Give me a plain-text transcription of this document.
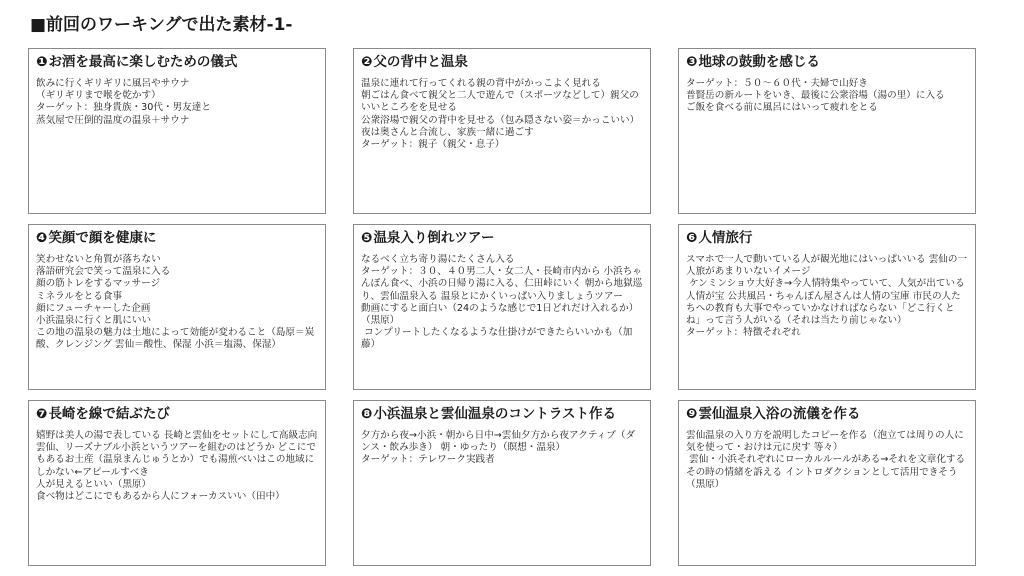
■前回のワーキングで出た素材-1-
❶お酒を最高に楽しむための儀式
飲みに行くギリギリに風呂やサウナ
（ギリギリまで喉を乾かす）
ターゲット：独身貴族・30代・男友達と
蒸気屋で圧倒的温度の温泉＋サウナ
❷父の背中と温泉
温泉に連れて行ってくれる親の背中がかっこよく見れる
朝ごはん食べて親父と二人で遊んで（スポーツなどして）親父のいいところをを見せる
公衆浴場で親父の背中を見せる（包み隠さない姿＝かっこいい）
夜は奥さんと合流し、家族一緒に過ごす
ターゲット：親子（親父・息子）
❸地球の鼓動を感じる
ターゲット：５０～６０代・夫婦で山好き
普賢岳の新ルートをいき、最後に公衆浴場（湯の里）に入る
ご飯を食べる前に風呂にはいって疲れをとる
❹笑顔で顔を健康に
笑わせないと角質が落ちない
落語研究会で笑って温泉に入る
顔の筋トレをするマッサージ
ミネラルをとる食事
顔にフューチャーした企画
小浜温泉に行くと肌にいい
この地の温泉の魅力は土地によって効能が変わること（島原＝炭酸、クレンジング 雲仙＝酸性、保湿 小浜＝塩湯、保湿）
❺温泉入り倒れツアー
なるべく立ち寄り湯にたくさん入る
ターゲット：３０、４０男二人・女二人・長崎市内から 小浜ちゃんぽん食べ、小浜の日帰り湯に入る、仁田峠にいく 朝から地獄巡り、雲仙温泉入る 温泉とにかくいっぱい入りましょうツアー
動画にすると面白い（24のような感じで1日どれだけ入れるか）（黒原）
コンプリートしたくなるような仕掛けができたらいいかも（加藤）
❻人情旅行
スマホで一人で動いている人が観光地にはいっぱいいる 雲仙の一人旅があまりいないイメージ
ケンミンショウ大好き→今人情特集やっていて、人気が出ている
人情が宝 公共風呂・ちゃんぽん屋さんは人情の宝庫 市民の人たちへの教育も大事でやっていかなければならない「どこ行くとね」って言う人がいる（それは当たり前じゃない）
ターゲット：特徴それぞれ
❼長崎を線で結ぶたび
嬉野は美人の湯で表している 長崎と雲仙をセットにして高級志向雲仙、リーズナブル小浜というツアーを組むのはどうか どこにでもあるお土産（温泉まんじゅうとか）でも湯煎べいはこの地域にしかない←アピールすべき
人が見えるといい（黒原）
食べ物はどこにでもあるから人にフォーカスいい（田中）
❽小浜温泉と雲仙温泉のコントラスト作る
夕方から夜→小浜・朝から日中→雲仙夕方から夜アクティブ（ダンス・飲み歩き） 朝・ゆったり（瞑想・温泉）
ターゲット：テレワーク実践者
❾雲仙温泉入浴の流儀を作る
雲仙温泉の入り方を説明したコピーを作る（泡立ては周りの人に気を使って・おけは元に戻す 等々）
雲仙・小浜それぞれにローカルルールがある→それを文章化する その時の情緒を訴える イントロダクションとして活用できそう（黒原）
